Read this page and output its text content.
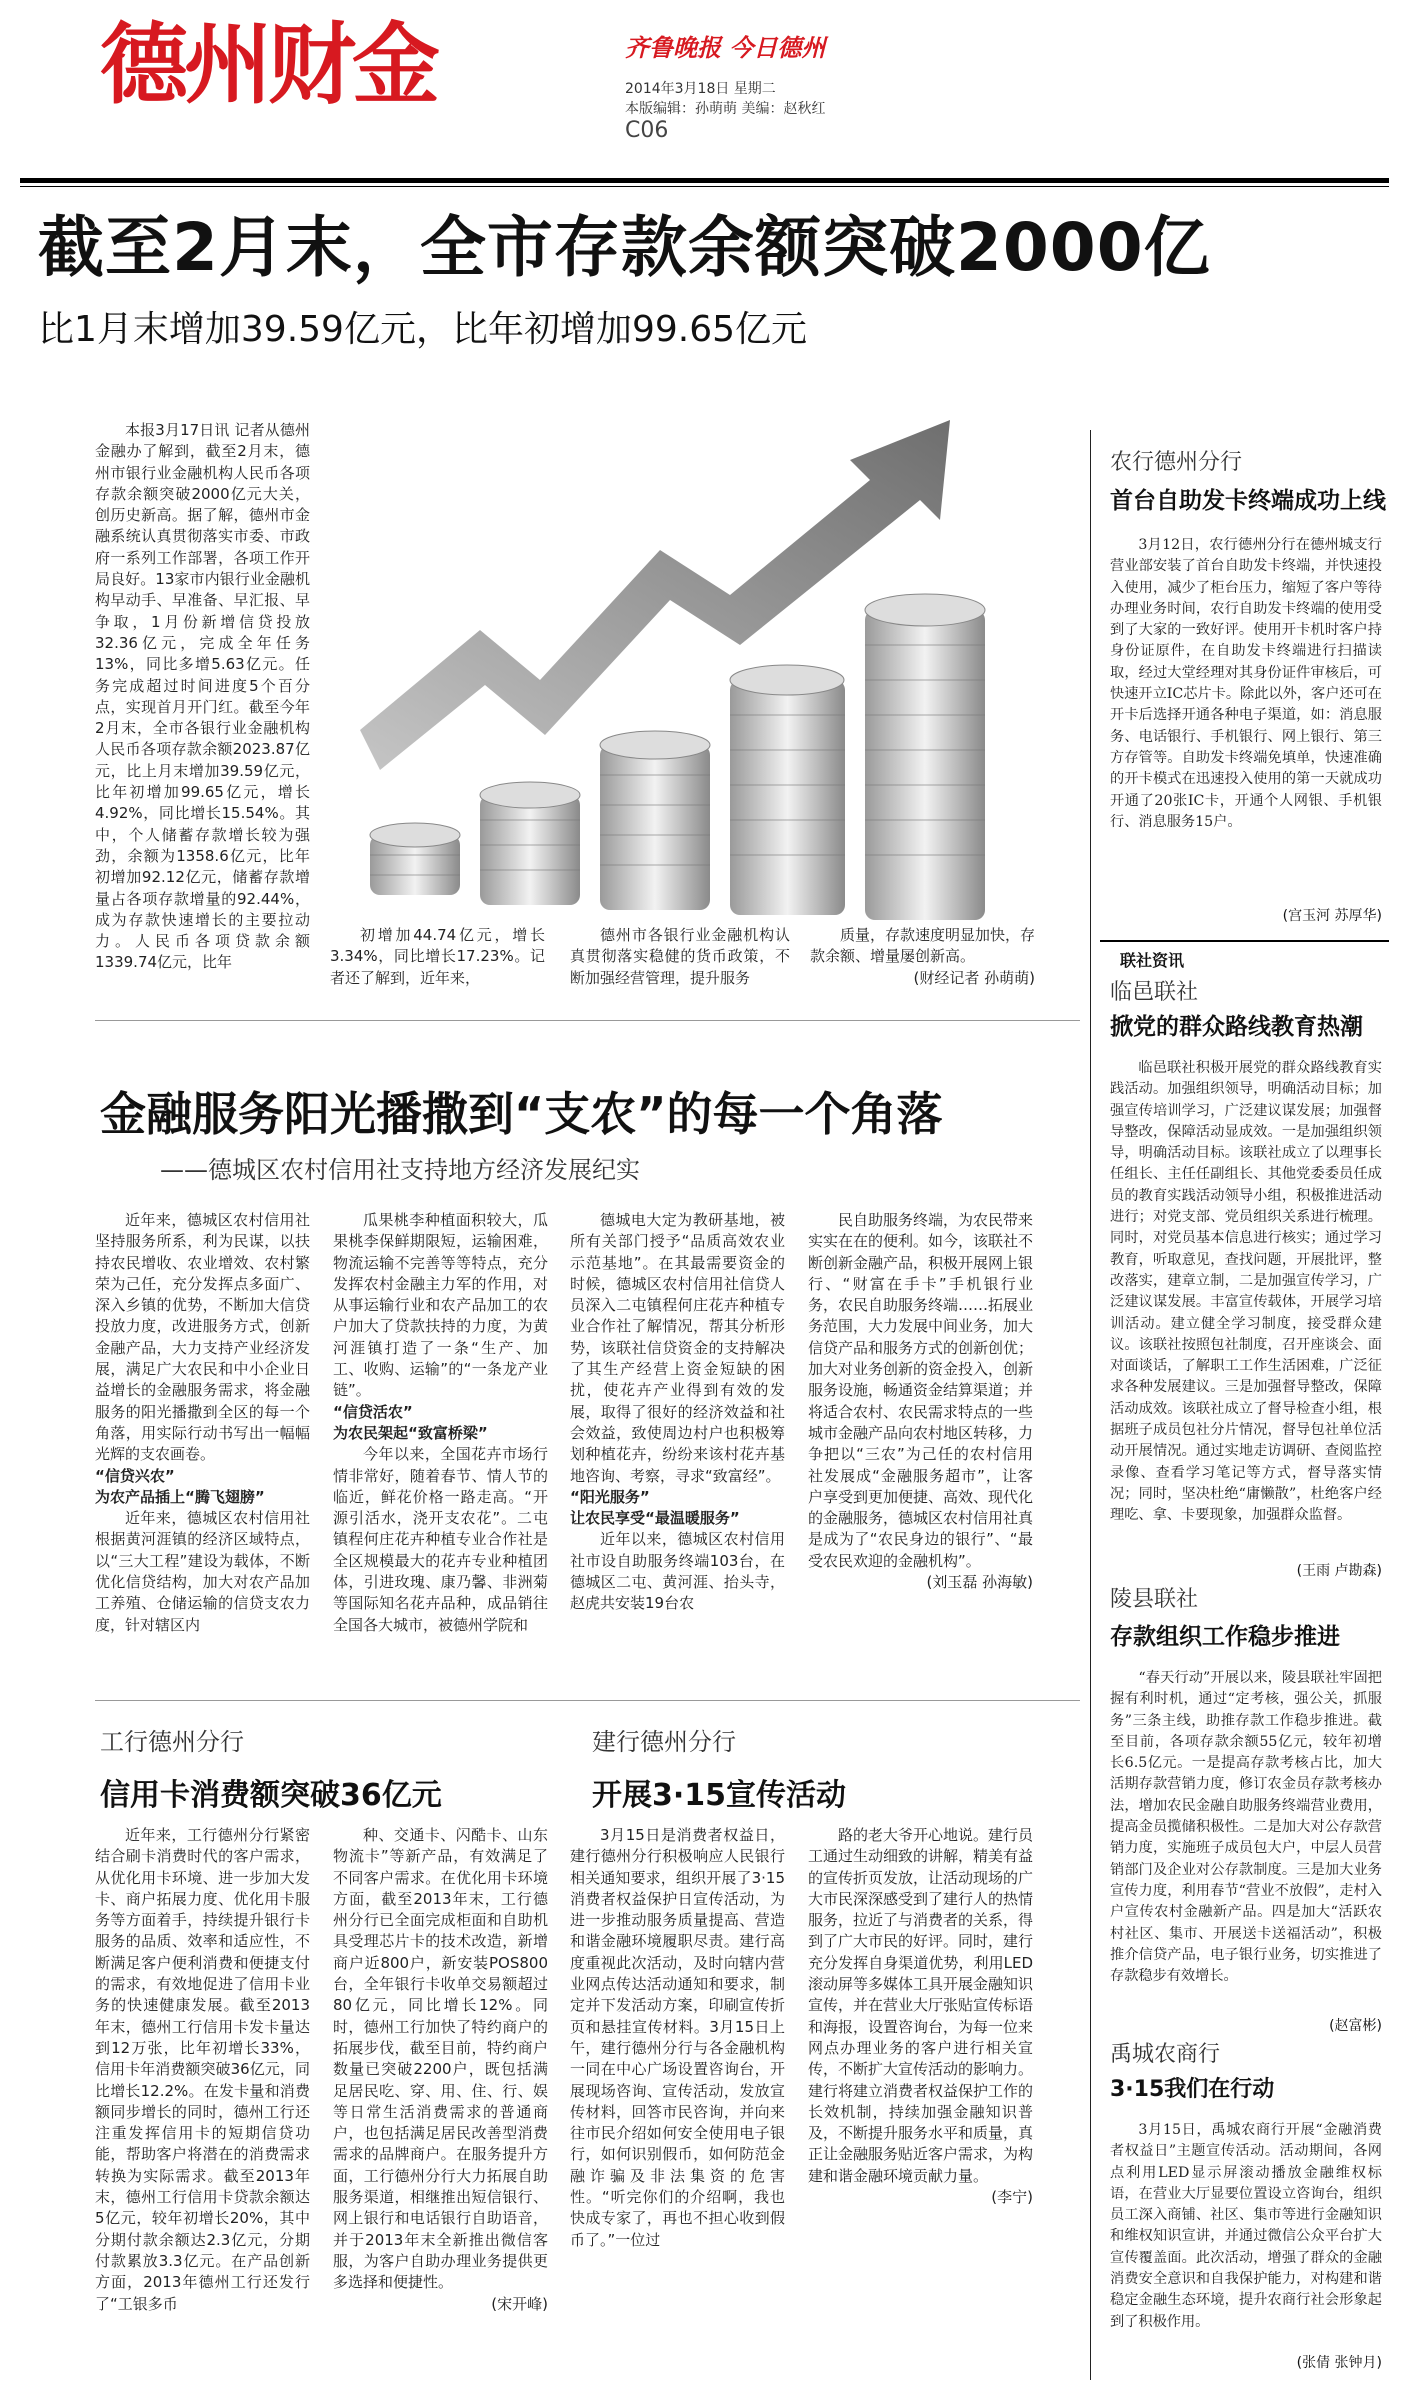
德州财金	齐鲁晚报 今日德州
2014年3月18日 星期二
本版编辑：孙萌萌 美编：赵秋红
C06
截至2月末，全市存款余额突破2000亿
比1月末增加39.59亿元，比年初增加99.65亿元

本报3月17日讯 记者从德州金融办了解到，截至2月末，德州市银行业金融机构人民币各项存款余额突破2000亿元大关，创历史新高。据了解，德州市金融系统认真贯彻落实市委、市政府一系列工作部署，各项工作开局良好。13家市内银行业金融机构早动手、早准备、早汇报、早争取，1月份新增信贷投放32.36亿元，完成全年任务13%，同比多增5.63亿元。任务完成超过时间进度5个百分点，实现首月开门红。截至今年2月末，全市各银行业金融机构人民币各项存款余额2023.87亿元，比上月末增加39.59亿元，比年初增加99.65亿元，增长4.92%，同比增长15.54%。其中，个人储蓄存款增长较为强劲，余额为1358.6亿元，比年初增加92.12亿元，储蓄存款增量占各项存款增量的92.44%，成为存款快速增长的主要拉动力。人民币各项贷款余额1339.74亿元，比年

初增加44.74亿元，增长3.34%，同比增长17.23%。记者还了解到，近年来，

德州市各银行业金融机构认真贯彻落实稳健的货币政策，不断加强经营管理，提升服务

质量，存款速度明显加快，存款余额、增量屡创新高。

(财经记者 孙萌萌)

农行德州分行
首台自助发卡终端成功上线
3月12日，农行德州分行在德州城支行营业部安装了首台自助发卡终端，并快速投入使用，减少了柜台压力，缩短了客户等待办理业务时间，农行自助发卡终端的使用受到了大家的一致好评。使用开卡机时客户持身份证原件，在自助发卡终端进行扫描读取，经过大堂经理对其身份证件审核后，可快速开立IC芯片卡。除此以外，客户还可在开卡后选择开通各种电子渠道，如：消息服务、电话银行、手机银行、网上银行、第三方存管等。自助发卡终端免填单，快速准确的开卡模式在迅速投入使用的第一天就成功开通了20张IC卡，开通个人网银、手机银行、消息服务15户。
(宫玉河 苏厚华)
联社资讯
临邑联社
掀党的群众路线教育热潮
临邑联社积极开展党的群众路线教育实践活动。加强组织领导，明确活动目标；加强宣传培训学习，广泛建议谋发展；加强督导整改，保障活动显成效。一是加强组织领导，明确活动目标。该联社成立了以理事长任组长、主任任副组长、其他党委委员任成员的教育实践活动领导小组，积极推进活动进行；对党支部、党员组织关系进行梳理。同时，对党员基本信息进行核实；通过学习教育，听取意见，查找问题，开展批评，整改落实，建章立制，二是加强宣传学习，广泛建议谋发展。丰富宣传载体，开展学习培训活动。建立健全学习制度，接受群众建议。该联社按照包社制度，召开座谈会、面对面谈话，了解职工工作生活困难，广泛征求各种发展建议。三是加强督导整改，保障活动成效。该联社成立了督导检查小组，根据班子成员包社分片情况，督导包社单位活动开展情况。通过实地走访调研、查阅监控录像、查看学习笔记等方式，督导落实情况；同时，坚决杜绝“庸懒散”，杜绝客户经理吃、拿、卡要现象，加强群众监督。
(王雨 卢勘森)
陵县联社
存款组织工作稳步推进
“春天行动”开展以来，陵县联社牢固把握有利时机，通过“定考核，强公关，抓服务”三条主线，助推存款工作稳步推进。截至目前，各项存款余额55亿元，较年初增长6.5亿元。一是提高存款考核占比，加大活期存款营销力度，修订农金员存款考核办法，增加农民金融自助服务终端营业费用，提高金员揽储积极性。二是加大对公存款营销力度，实施班子成员包大户，中层人员营销部门及企业对公存款制度。三是加大业务宣传力度，利用春节“营业不放假”，走村入户宣传农村金融新产品。四是加大“活跃农村社区、集市、开展送卡送福活动”，积极推介信贷产品，电子银行业务，切实推进了存款稳步有效增长。
(赵富彬)
禹城农商行
3·15我们在行动
3月15日，禹城农商行开展“金融消费者权益日”主题宣传活动。活动期间，各网点利用LED显示屏滚动播放金融维权标语，在营业大厅显要位置设立咨询台，组织员工深入商铺、社区、集市等进行金融知识和维权知识宣讲，并通过微信公众平台扩大宣传覆盖面。此次活动，增强了群众的金融消费安全意识和自我保护能力，对构建和谐稳定金融生态环境，提升农商行社会形象起到了积极作用。
(张倩 张钟月)
金融服务阳光播撒到“支农”的每一个角落
——德城区农村信用社支持地方经济发展纪实

近年来，德城区农村信用社坚持服务所系，利为民谋，以扶持农民增收、农业增效、农村繁荣为己任，充分发挥点多面广、深入乡镇的优势，不断加大信贷投放力度，改进服务方式，创新金融产品，大力支持产业经济发展，满足广大农民和中小企业日益增长的金融服务需求，将金融服务的阳光播撒到全区的每一个角落，用实际行动书写出一幅幅光辉的支农画卷。

“信贷兴农”

为农产品插上“腾飞翅膀”

近年来，德城区农村信用社根据黄河涯镇的经济区域特点，以“三大工程”建设为载体，不断优化信贷结构，加大对农产品加工养殖、仓储运输的信贷支农力度，针对辖区内

瓜果桃李种植面积较大，瓜果桃李保鲜期限短，运输困难，物流运输不完善等等特点，充分发挥农村金融主力军的作用，对从事运输行业和农产品加工的农户加大了贷款扶持的力度，为黄河涯镇打造了一条“生产、加工、收购、运输”的“一条龙产业链”。

“信贷活农”

为农民架起“致富桥梁”

今年以来，全国花卉市场行情非常好，随着春节、情人节的临近，鲜花价格一路走高。“开源引活水，浇开支农花”。二屯镇程何庄花卉种植专业合作社是全区规模最大的花卉专业种植团体，引进玫瑰、康乃馨、非洲菊等国际知名花卉品种，成品销往全国各大城市，被德州学院和

德城电大定为教研基地，被所有关部门授予“品质高效农业示范基地”。在其最需要资金的时候，德城区农村信用社信贷人员深入二屯镇程何庄花卉种植专业合作社了解情况，帮其分析形势，该联社信贷资金的支持解决了其生产经营上资金短缺的困扰，使花卉产业得到有效的发展，取得了很好的经济效益和社会效益，致使周边村户也积极筹划种植花卉，纷纷来该村花卉基地咨询、考察，寻求“致富经”。

“阳光服务”

让农民享受“最温暖服务”

近年以来，德城区农村信用社市设自助服务终端103台，在德城区二屯、黄河涯、抬头寺，赵虎共安装19台农

民自助服务终端，为农民带来实实在在的便利。如今，该联社不断创新金融产品，积极开展网上银行、“财富在手卡”手机银行业务，农民自助服务终端……拓展业务范围，大力发展中间业务，加大信贷产品和服务方式的创新创优；加大对业务创新的资金投入，创新服务设施，畅通资金结算渠道；并将适合农村、农民需求特点的一些城市金融产品向农村地区转移，力争把以“三农”为己任的农村信用社发展成“金融服务超市”，让客户享受到更加便捷、高效、现代化的金融服务，德城区农村信用社真是成为了“农民身边的银行”、“最受农民欢迎的金融机构”。

(刘玉磊 孙海敏)

工行德州分行
信用卡消费额突破36亿元

近年来，工行德州分行紧密结合刷卡消费时代的客户需求，从优化用卡环境、进一步加大发卡、商户拓展力度、优化用卡服务等方面着手，持续提升银行卡服务的品质、效率和适应性，不断满足客户便利消费和便捷支付的需求，有效地促进了信用卡业务的快速健康发展。截至2013年末，德州工行信用卡发卡量达到12万张，比年初增长33%，信用卡年消费额突破36亿元，同比增长12.2%。在发卡量和消费额同步增长的同时，德州工行还注重发挥信用卡的短期信贷功能，帮助客户将潜在的消费需求转换为实际需求。截至2013年末，德州工行信用卡贷款余额达5亿元，较年初增长20%，其中分期付款余额达2.3亿元，分期付款累放3.3亿元。在产品创新方面，2013年德州工行还发行了“工银多币

种、交通卡、闪酷卡、山东物流卡”等新产品，有效满足了不同客户需求。在优化用卡环境方面，截至2013年末，工行德州分行已全面完成柜面和自助机具受理芯片卡的技术改造，新增商户近800户，新安装POS800台，全年银行卡收单交易额超过80亿元，同比增长12%。同时，德州工行加快了特约商户的拓展步伐，截至目前，特约商户数量已突破2200户，既包括满足居民吃、穿、用、住、行、娱等日常生活消费需求的普通商户，也包括满足居民改善型消费需求的品牌商户。在服务提升方面，工行德州分行大力拓展自助服务渠道，相继推出短信银行、网上银行和电话银行自助语音，并于2013年末全新推出微信客服，为客户自助办理业务提供更多选择和便捷性。

(宋开峰)

建行德州分行
开展3·15宣传活动

3月15日是消费者权益日，建行德州分行积极响应人民银行相关通知要求，组织开展了3·15消费者权益保护日宣传活动，为进一步推动服务质量提高、营造和谐金融环境履职尽责。建行高度重视此次活动，及时向辖内营业网点传达活动通知和要求，制定并下发活动方案，印刷宣传折页和悬挂宣传材料。3月15日上午，建行德州分行与各金融机构一同在中心广场设置咨询台，开展现场咨询、宣传活动，发放宣传材料，回答市民咨询，并向来往市民介绍如何安全使用电子银行，如何识别假币，如何防范金融诈骗及非法集资的危害性。“听完你们的介绍啊，我也快成专家了，再也不担心收到假币了。”一位过

路的老大爷开心地说。建行员工通过生动细致的讲解，精美有益的宣传折页发放，让活动现场的广大市民深深感受到了建行人的热情服务，拉近了与消费者的关系，得到了广大市民的好评。同时，建行充分发挥自身渠道优势，利用LED滚动屏等多媒体工具开展金融知识宣传，并在营业大厅张贴宣传标语和海报，设置咨询台，为每一位来网点办理业务的客户进行相关宣传，不断扩大宣传活动的影响力。建行将建立消费者权益保护工作的长效机制，持续加强金融知识普及，不断提升服务水平和质量，真正让金融服务贴近客户需求，为构建和谐金融环境贡献力量。

(李宁)
